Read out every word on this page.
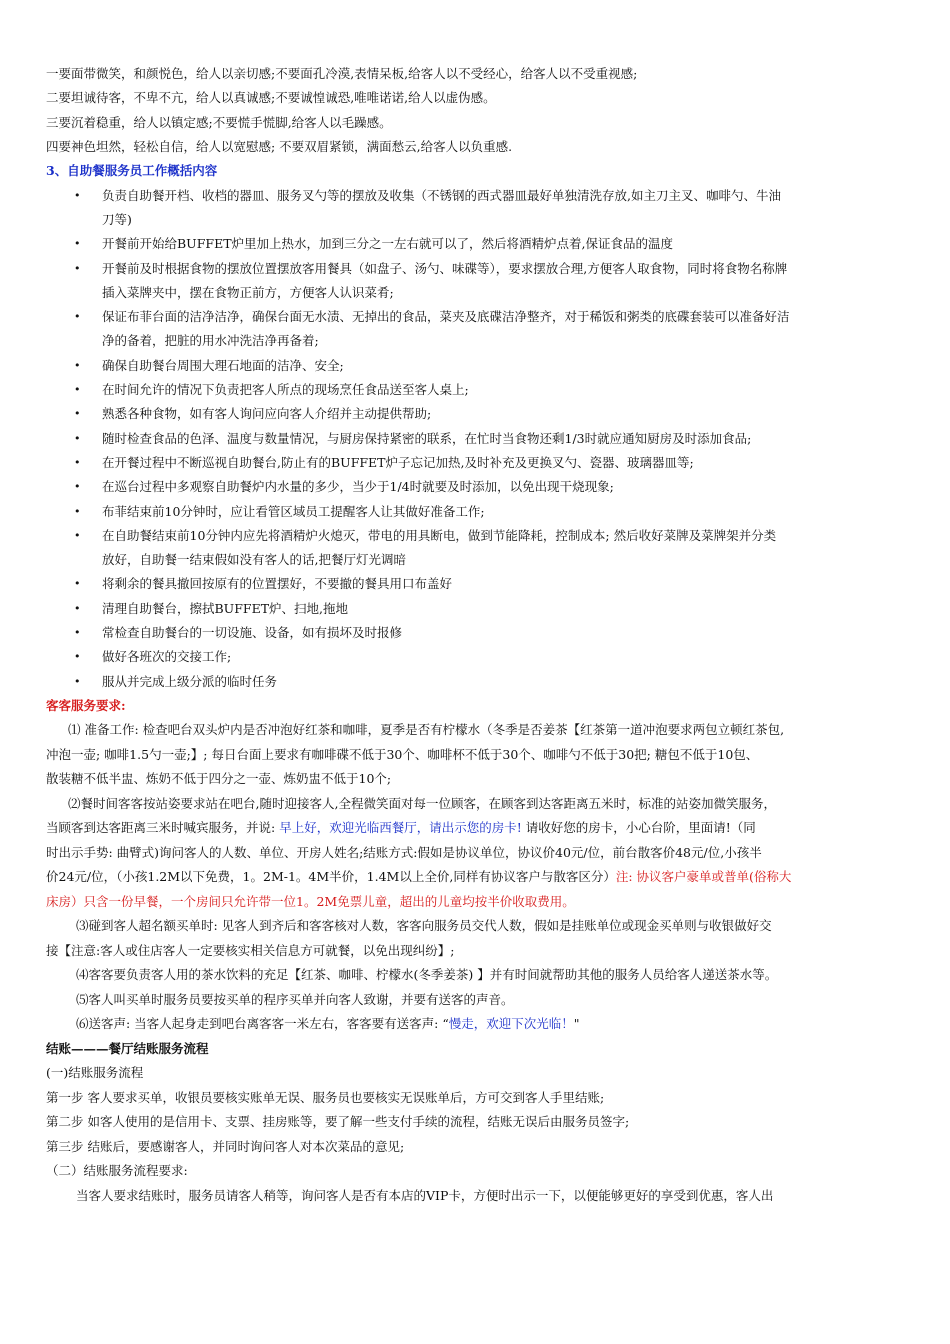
一要面带微笑，和颜悦色，给人以亲切感;不要面孔冷漠,表情呆板,给客人以不受经心，给客人以不受重视感;
二要坦诚待客，不卑不亢，给人以真诚感;不要诚惶诚恐,唯唯诺诺,给人以虚伪感。
三要沉着稳重，给人以镇定感;不要慌手慌脚,给客人以毛躁感。
四要神色坦然，轻松自信，给人以宽慰感; 不要双眉紧锁，满面愁云,给客人以负重感.
3、自助餐服务员工作概括内容
• 负责自助餐开档、收档的器皿、服务叉勺等的摆放及收集（不锈钢的西式器皿最好单独清洗存放,如主刀主叉、咖啡勺、牛油
刀等)
• 开餐前开始给BUFFET炉里加上热水，加到三分之一左右就可以了，然后将酒精炉点着,保证食品的温度
• 开餐前及时根据食物的摆放位置摆放客用餐具（如盘子、汤勺、味碟等），要求摆放合理,方便客人取食物，同时将食物名称牌
插入菜牌夹中，摆在食物正前方，方便客人认识菜肴;
• 保证布菲台面的洁净洁净，确保台面无水渍、无掉出的食品，菜夹及底碟洁净整齐，对于稀饭和粥类的底碟套装可以准备好洁
净的备着，把脏的用水冲洗洁净再备着;
• 确保自助餐台周围大理石地面的洁净、安全;
• 在时间允许的情况下负责把客人所点的现场烹任食品送至客人桌上;
• 熟悉各种食物，如有客人询问应向客人介绍并主动提供帮助;
• 随时检查食品的色泽、温度与数量情况，与厨房保持紧密的联系，在忙时当食物还剩1/3时就应通知厨房及时添加食品;
• 在开餐过程中不断巡视自助餐台,防止有的BUFFET炉子忘记加热,及时补充及更换叉勺、瓷器、玻璃器皿等;
• 在巡台过程中多观察自助餐炉内水量的多少，当少于1/4时就要及时添加，以免出现干烧现象;
• 布菲结束前10分钟时，应让看管区域员工提醒客人让其做好准备工作;
• 在自助餐结束前10分钟内应先将酒精炉火熄灭，带电的用具断电，做到节能降耗，控制成本; 然后收好菜牌及菜牌架并分类
放好，自助餐一结束假如没有客人的话,把餐厅灯光调暗
• 将剩余的餐具撤回按原有的位置摆好，不要撤的餐具用口布盖好
• 清理自助餐台，擦拭BUFFET炉、扫地,拖地
• 常检查自助餐台的一切设施、设备，如有损坏及时报修
• 做好各班次的交接工作;
• 服从并完成上级分派的临时任务
客客服务要求:
⑴ 准备工作: 检查吧台双头炉内是否冲泡好红茶和咖啡，夏季是否有柠檬水（冬季是否姜茶【红茶第一道冲泡要求两包立顿红茶包,
冲泡一壶; 咖啡1.5勺一壶;】; 每日台面上要求有咖啡碟不低于30个、咖啡杯不低于30个、咖啡勺不低于30把; 糖包不低于10包、
散装糖不低半盅、炼奶不低于四分之一壶、炼奶盅不低于10个;
⑵餐时间客客按站姿要求站在吧台,随时迎接客人,全程微笑面对每一位顾客，在顾客到达客距离五米时，标准的站姿加微笑服务，
当顾客到达客距离三米时喊宾服务，并说: 早上好，欢迎光临西餐厅，请出示您的房卡! 请收好您的房卡，小心台阶，里面请!（同
时出示手势: 曲臂式)询问客人的人数、单位、开房人姓名;结账方式:假如是协议单位，协议价40元/位，前台散客价48元/位,小孩半
价24元/位，（小孩1.2M以下免费，1。2M-1。4M半价，1.4M以上全价,同样有协议客户与散客区分）注: 协议客户豪单或普单(俗称大
床房）只含一份早餐，一个房间只允许带一位1。2M免票儿童，超出的儿童均按半价收取费用。
⑶碰到客人超名额买单时: 见客人到齐后和客客核对人数，客客向服务员交代人数，假如是挂账单位或现金买单则与收银做好交
接【注意:客人或住店客人一定要核实相关信息方可就餐，以免出现纠纷】;
⑷客客要负责客人用的茶水饮料的充足【红茶、咖啡、柠檬水(冬季姜茶) 】并有时间就帮助其他的服务人员给客人递送茶水等。
⑸客人叫买单时服务员要按买单的程序买单并向客人致谢，并要有送客的声音。
⑹送客声: 当客人起身走到吧台离客客一米左右，客客要有送客声: “慢走，欢迎下次光临！"
结账———餐厅结账服务流程
(一)结账服务流程
第一步 客人要求买单，收银员要核实账单无误、服务员也要核实无误账单后，方可交到客人手里结账;
第二步 如客人使用的是信用卡、支票、挂房账等，要了解一些支付手续的流程，结账无误后由服务员签字;
第三步 结账后，要感谢客人，并同时询问客人对本次菜品的意见;
（二）结账服务流程要求:
当客人要求结账时，服务员请客人稍等，询问客人是否有本店的VIP卡，方便时出示一下，以便能够更好的享受到优惠，客人出
